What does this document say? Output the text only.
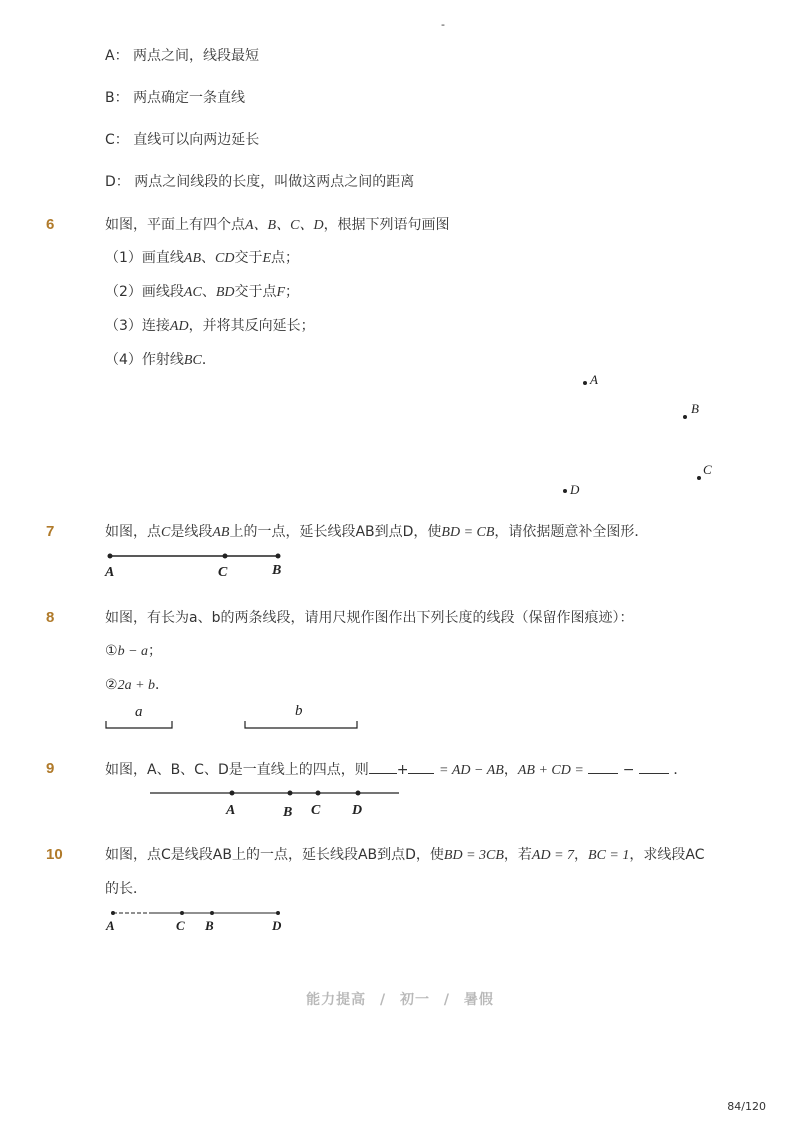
-
A： 两点之间，线段最短
B： 两点确定一条直线
C： 直线可以向两边延长
D： 两点之间线段的长度，叫做这两点之间的距离
6	如图，平面上有四个点A、B、C、D，根据下列语句画图
（1）画直线AB、CD交于E点；
（2）画线段AC、BD交于点F；
（3）连接AD，并将其反向延长；
（4）作射线BC．
A
B
C
D
7	如图，点C是线段AB上的一点，延长线段AB到点D，使BD = CB，请依据题意补全图形．
A	C	B
8	如图，有长为a、b的两条线段，请用尺规作图作出下列长度的线段（保留作图痕迹）：
①b − a；
②2a + b．
a	b
9	如图，A、B、C、D是一直线上的四点，则 + = AD − AB，AB + CD =	−	．
A	B C D
10	如图，点C是线段AB上的一点，延长线段AB到点D，使BD = 3CB，若AD = 7，BC = 1，求线段AC
的长．
A	C B	D
能力提高 / 初一 / 暑假
84/120
